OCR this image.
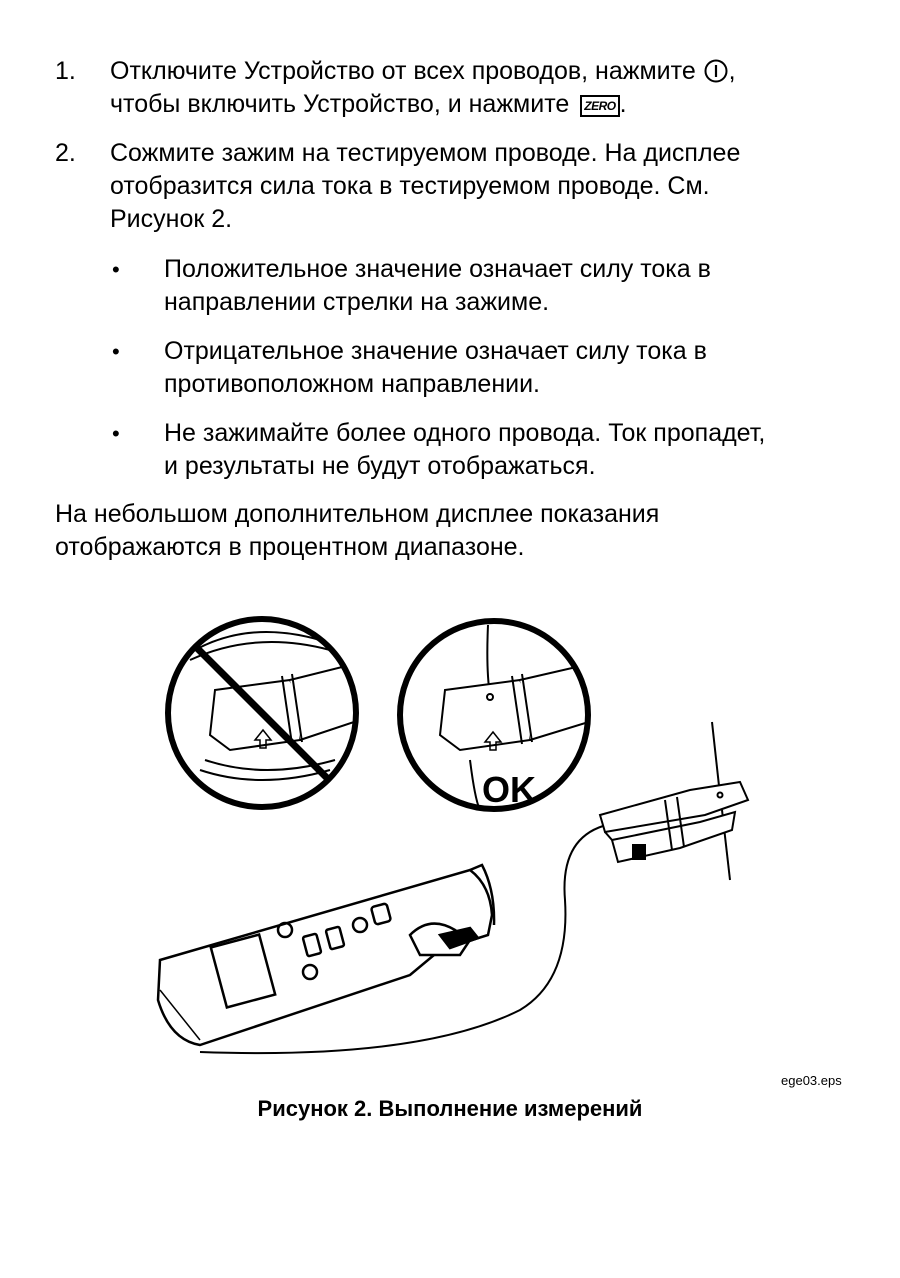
1. Отключите Устройство от всех проводов, нажмите ,
чтобы включить Устройство, и нажмите ZERO .
2. Сожмите зажим на тестируемом проводе. На дисплее
отобразится сила тока в тестируемом проводе. См.
Рисунок 2.
• Положительное значение означает силу тока в
направлении стрелки на зажиме.
• Отрицательное значение означает силу тока в
противоположном направлении.
• Не зажимайте более одного провода. Ток пропадет,
и результаты не будут отображаться.
На небольшом дополнительном дисплее показания
отображаются в процентном диапазоне.
OK
ege03.eps
Рисунок 2. Выполнение измерений
